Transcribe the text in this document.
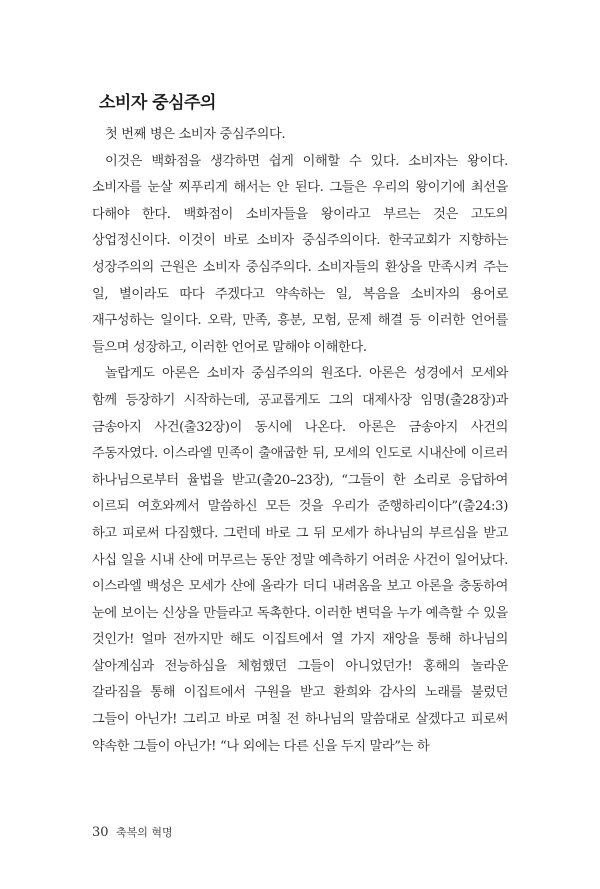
소비자 중심주의

첫 번째 병은 소비자 중심주의다.

이것은 백화점을 생각하면 쉽게 이해할 수 있다. 소비자는 왕이다. 소비자를 눈살 찌푸리게 해서는 안 된다. 그들은 우리의 왕이기에 최선을 다해야 한다. 백화점이 소비자들을 왕이라고 부르는 것은 고도의 상업정신이다. 이것이 바로 소비자 중심주의이다. 한국교회가 지향하는 성장주의의 근원은 소비자 중심주의다. 소비자들의 환상을 만족시켜 주는 일, 별이라도 따다 주겠다고 약속하는 일, 복음을 소비자의 용어로 재구성하는 일이다. 오락, 만족, 흥분, 모험, 문제 해결 등 이러한 언어를 들으며 성장하고, 이러한 언어로 말해야 이해한다.

놀랍게도 아론은 소비자 중심주의의 원조다. 아론은 성경에서 모세와 함께 등장하기 시작하는데, 공교롭게도 그의 대제사장 임명(출28장)과 금송아지 사건(출32장)이 동시에 나온다. 아론은 금송아지 사건의 주동자였다. 이스라엘 민족이 출애굽한 뒤, 모세의 인도로 시내산에 이르러 하나님으로부터 율법을 받고(출20–23장), “그들이 한 소리로 응답하여 이르되 여호와께서 말씀하신 모든 것을 우리가 준행하리이다”(출24:3) 하고 피로써 다짐했다. 그런데 바로 그 뒤 모세가 하나님의 부르심을 받고 사십 일을 시내 산에 머무르는 동안 정말 예측하기 어려운 사건이 일어났다. 이스라엘 백성은 모세가 산에 올라가 더디 내려옴을 보고 아론을 충동하여 눈에 보이는 신상을 만들라고 독촉한다. 이러한 변덕을 누가 예측할 수 있을 것인가! 얼마 전까지만 해도 이집트에서 열 가지 재앙을 통해 하나님의 살아계심과 전능하심을 체험했던 그들이 아니었던가! 홍해의 놀라운 갈라짐을 통해 이집트에서 구원을 받고 환희와 감사의 노래를 불렀던 그들이 아닌가! 그리고 바로 며칠 전 하나님의 말씀대로 살겠다고 피로써 약속한 그들이 아닌가! “나 외에는 다른 신을 두지 말라”는 하

30 축복의 혁명
